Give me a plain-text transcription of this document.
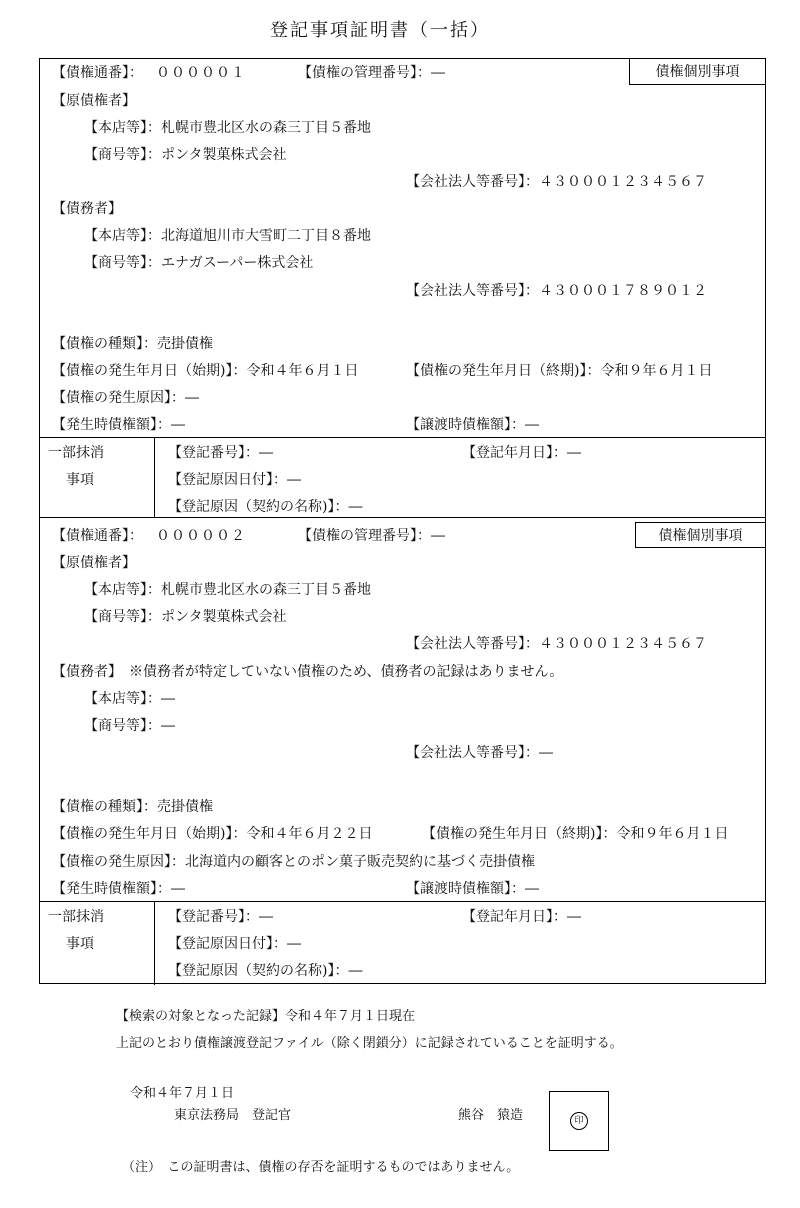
登記事項証明書（一括）
【債権通番】： ０００００１	【債権の管理番号】：―	債権個別事項
【原債権者】
【本店等】：札幌市豊北区水の森三丁目５番地
【商号等】：ポンタ製菓株式会社
【会社法人等番号】：４３０００１２３４５６７
【債務者】
【本店等】：北海道旭川市大雪町二丁目８番地
【商号等】：エナガスーパー株式会社
【会社法人等番号】：４３０００１７８９０１２
【債権の種類】：売掛債権
【債権の発生年月日（始期)】：令和４年６月１日	【債権の発生年月日（終期)】：令和９年６月１日
【債権の発生原因】：―
【発生時債権額】：―	【譲渡時債権額】：―
一部抹消
事項
【登記番号】：―	【登記年月日】：―
【登記原因日付】：―
【登記原因（契約の名称)】：―
【債権通番】： ０００００２	【債権の管理番号】：―	債権個別事項
【原債権者】
【本店等】：札幌市豊北区水の森三丁目５番地
【商号等】：ポンタ製菓株式会社
【会社法人等番号】：４３０００１２３４５６７
【債務者】　※債務者が特定していない債権のため、債務者の記録はありません。
【本店等】：―
【商号等】：―
【会社法人等番号】：―
【債権の種類】：売掛債権
【債権の発生年月日（始期)】：令和４年６月２２日	【債権の発生年月日（終期)】：令和９年６月１日
【債権の発生原因】：北海道内の顧客とのポン菓子販売契約に基づく売掛債権
【発生時債権額】：―	【譲渡時債権額】：―
一部抹消
事項
【登記番号】：―	【登記年月日】：―
【登記原因日付】：―
【登記原因（契約の名称)】：―
【検索の対象となった記録】令和４年７月１日現在
上記のとおり債権譲渡登記ファイル（除く閉鎖分）に記録されていることを証明する。
令和４年７月１日
東京法務局　登記官	熊谷　猿造	印
（注）　この証明書は、債権の存否を証明するものではありません。
